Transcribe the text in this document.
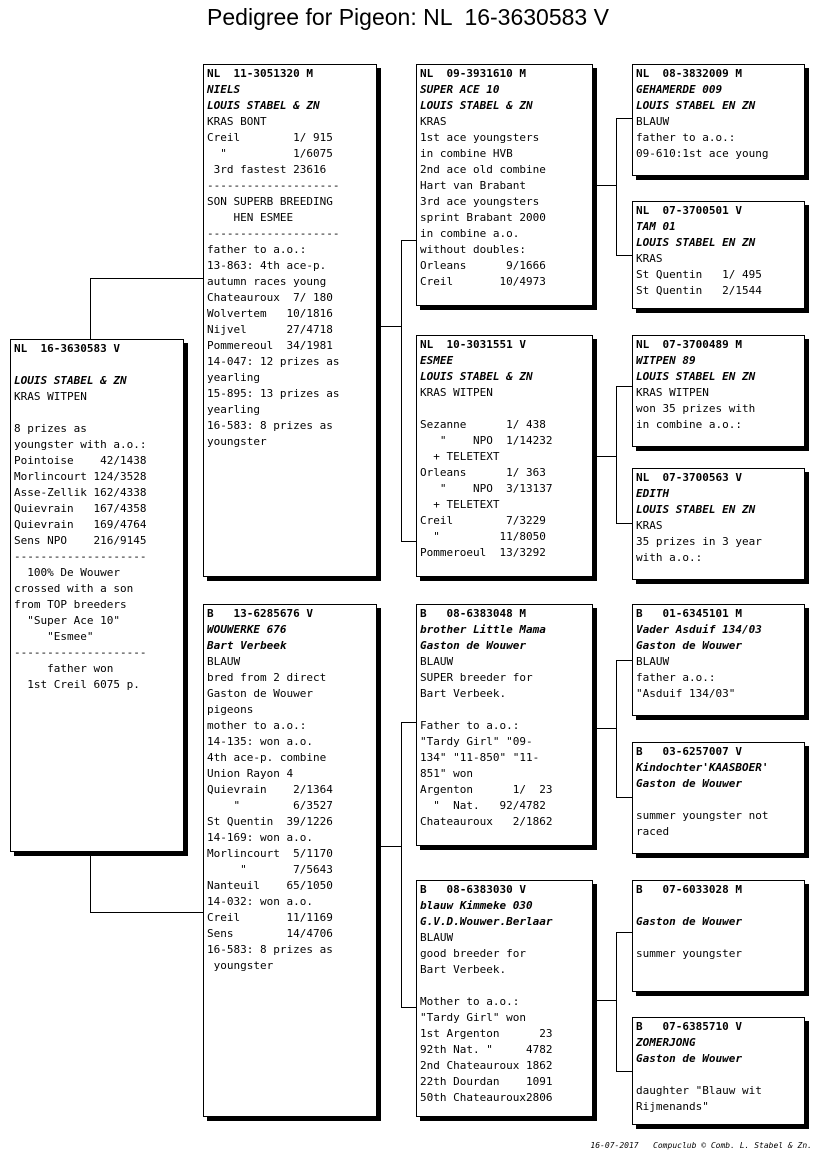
Pedigree for Pigeon: NL  16-3630583 V
NL  16-3630583 V
LOUIS STABEL & ZN
KRAS WITPEN
8 prizes as
youngster with a.o.:
Pointoise    42/1438
Morlincourt 124/3528
Asse-Zellik 162/4338
Quievrain   167/4358
Quievrain   169/4764
Sens NPO    216/9145
--------------------
100% De Wouwer
crossed with a son
from TOP breeders
"Super Ace 10"
"Esmee"
--------------------
father won
1st Creil 6075 p.
NL  11-3051320 M
NIELS
LOUIS STABEL & ZN
KRAS BONT
Creil        1/ 915
"          1/6075
3rd fastest 23616
--------------------
SON SUPERB BREEDING
HEN ESMEE
--------------------
father to a.o.:
13-863: 4th ace-p.
autumn races young
Chateauroux  7/ 180
Wolvertem   10/1816
Nijvel      27/4718
Pommereoul  34/1981
14-047: 12 prizes as
yearling
15-895: 13 prizes as
yearling
16-583: 8 prizes as
youngster
B   13-6285676 V
WOUWERKE 676
Bart Verbeek
BLAUW
bred from 2 direct
Gaston de Wouwer
pigeons
mother to a.o.:
14-135: won a.o.
4th ace-p. combine
Union Rayon 4
Quievrain    2/1364
"        6/3527
St Quentin  39/1226
14-169: won a.o.
Morlincourt  5/1170
"       7/5643
Nanteuil    65/1050
14-032: won a.o.
Creil       11/1169
Sens        14/4706
16-583: 8 prizes as
youngster
NL  09-3931610 M
SUPER ACE 10
LOUIS STABEL & ZN
KRAS
1st ace youngsters
in combine HVB
2nd ace old combine
Hart van Brabant
3rd ace youngsters
sprint Brabant 2000
in combine a.o.
without doubles:
Orleans      9/1666
Creil       10/4973
NL  10-3031551 V
ESMEE
LOUIS STABEL & ZN
KRAS WITPEN
Sezanne      1/ 438
"    NPO  1/14232
+ TELETEXT
Orleans      1/ 363
"    NPO  3/13137
+ TELETEXT
Creil        7/3229
"         11/8050
Pommeroeul  13/3292
B   08-6383048 M
brother Little Mama
Gaston de Wouwer
BLAUW
SUPER breeder for
Bart Verbeek.
Father to a.o.:
"Tardy Girl" "09-
134" "11-850" "11-
851" won
Argenton      1/  23
"  Nat.   92/4782
Chateauroux   2/1862
B   08-6383030 V
blauw Kimmeke 030
G.V.D.Wouwer.Berlaar
BLAUW
good breeder for
Bart Verbeek.
Mother to a.o.:
"Tardy Girl" won
1st Argenton      23
92th Nat. "     4782
2nd Chateauroux 1862
22th Dourdan    1091
50th Chateauroux2806
NL  08-3832009 M
GEHAMERDE 009
LOUIS STABEL EN ZN
BLAUW
father to a.o.:
09-610:1st ace young
NL  07-3700501 V
TAM 01
LOUIS STABEL EN ZN
KRAS
St Quentin   1/ 495
St Quentin   2/1544
NL  07-3700489 M
WITPEN 89
LOUIS STABEL EN ZN
KRAS WITPEN
won 35 prizes with
in combine a.o.:
NL  07-3700563 V
EDITH
LOUIS STABEL EN ZN
KRAS
35 prizes in 3 year
with a.o.:
B   01-6345101 M
Vader Asduif 134/03
Gaston de Wouwer
BLAUW
father a.o.:
"Asduif 134/03"
B   03-6257007 V
Kindochter'KAASBOER'
Gaston de Wouwer
summer youngster not
raced
B   07-6033028 M
Gaston de Wouwer
summer youngster
B   07-6385710 V
ZOMERJONG
Gaston de Wouwer
daughter "Blauw wit
Rijmenands"
16-07-2017 Compuclub © Comb. L. Stabel & Zn.
